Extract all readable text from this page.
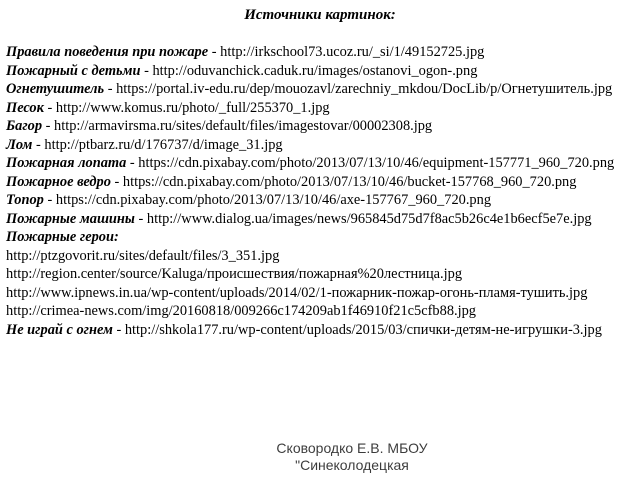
Источники картинок:
Правила поведения при пожаре - http://irkschool73.ucoz.ru/_si/1/49152725.jpg
Пожарный с детьми - http://oduvanchick.caduk.ru/images/ostanovi_ogon-.png
Огнетушитель - https://portal.iv-edu.ru/dep/mouozavl/zarechniy_mkdou/DocLib/p/Огнетушитель.jpg
Песок - http://www.komus.ru/photo/_full/255370_1.jpg
Багор - http://armavirsma.ru/sites/default/files/imagestovar/00002308.jpg
Лом - http://ptbarz.ru/d/176737/d/image_31.jpg
Пожарная лопата - https://cdn.pixabay.com/photo/2013/07/13/10/46/equipment-157771_960_720.png
Пожарное ведро - https://cdn.pixabay.com/photo/2013/07/13/10/46/bucket-157768_960_720.png
Топор - https://cdn.pixabay.com/photo/2013/07/13/10/46/axe-157767_960_720.png
Пожарные машины - http://www.dialog.ua/images/news/965845d75d7f8ac5b26c4e1b6ecf5e7e.jpg
Пожарные герои:
http://ptzgovorit.ru/sites/default/files/3_351.jpg
http://region.center/source/Kaluga/происшествия/пожарная%20лестница.jpg
http://www.ipnews.in.ua/wp-content/uploads/2014/02/1-пожарник-пожар-огонь-пламя-тушить.jpg
http://crimea-news.com/img/20160818/009266c174209ab1f46910f21c5cfb88.jpg
Не играй с огнем - http://shkola177.ru/wp-content/uploads/2015/03/спички-детям-не-игрушки-3.jpg
Сковородко Е.В. МБОУ
"Синеколодецкая
